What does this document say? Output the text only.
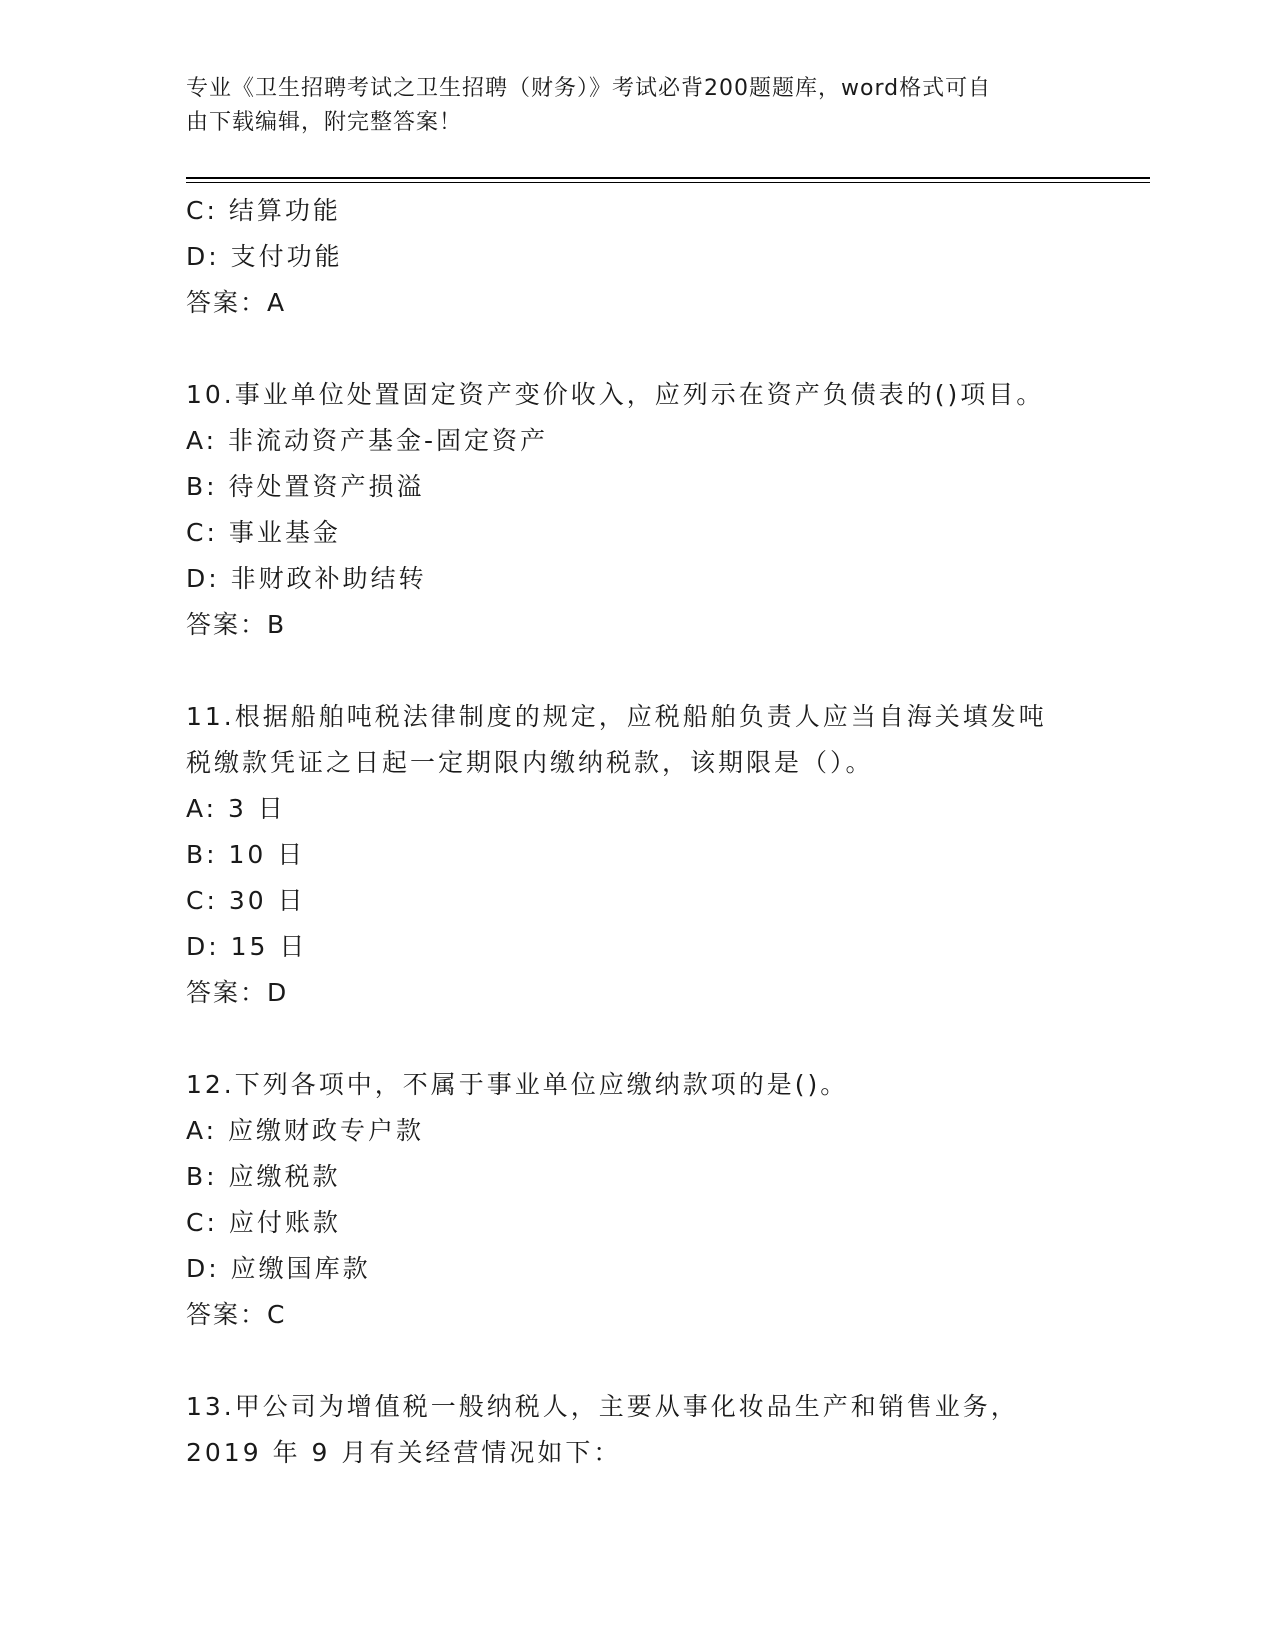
专业《卫生招聘考试之卫生招聘（财务）》考试必背200题题库，word格式可自
由下载编辑，附完整答案！
C: 结算功能
D: 支付功能
答案：A
10.事业单位处置固定资产变价收入，应列示在资产负债表的()项目。
A: 非流动资产基金-固定资产
B: 待处置资产损溢
C: 事业基金
D: 非财政补助结转
答案：B
11.根据船舶吨税法律制度的规定，应税船舶负责人应当自海关填发吨
税缴款凭证之日起一定期限内缴纳税款，该期限是（）。
A: 3 日
B: 10 日
C: 30 日
D: 15 日
答案：D
12.下列各项中，不属于事业单位应缴纳款项的是()。
A: 应缴财政专户款
B: 应缴税款
C: 应付账款
D: 应缴国库款
答案：C
13.甲公司为增值税一般纳税人，主要从事化妆品生产和销售业务，
2019 年 9 月有关经营情况如下：
